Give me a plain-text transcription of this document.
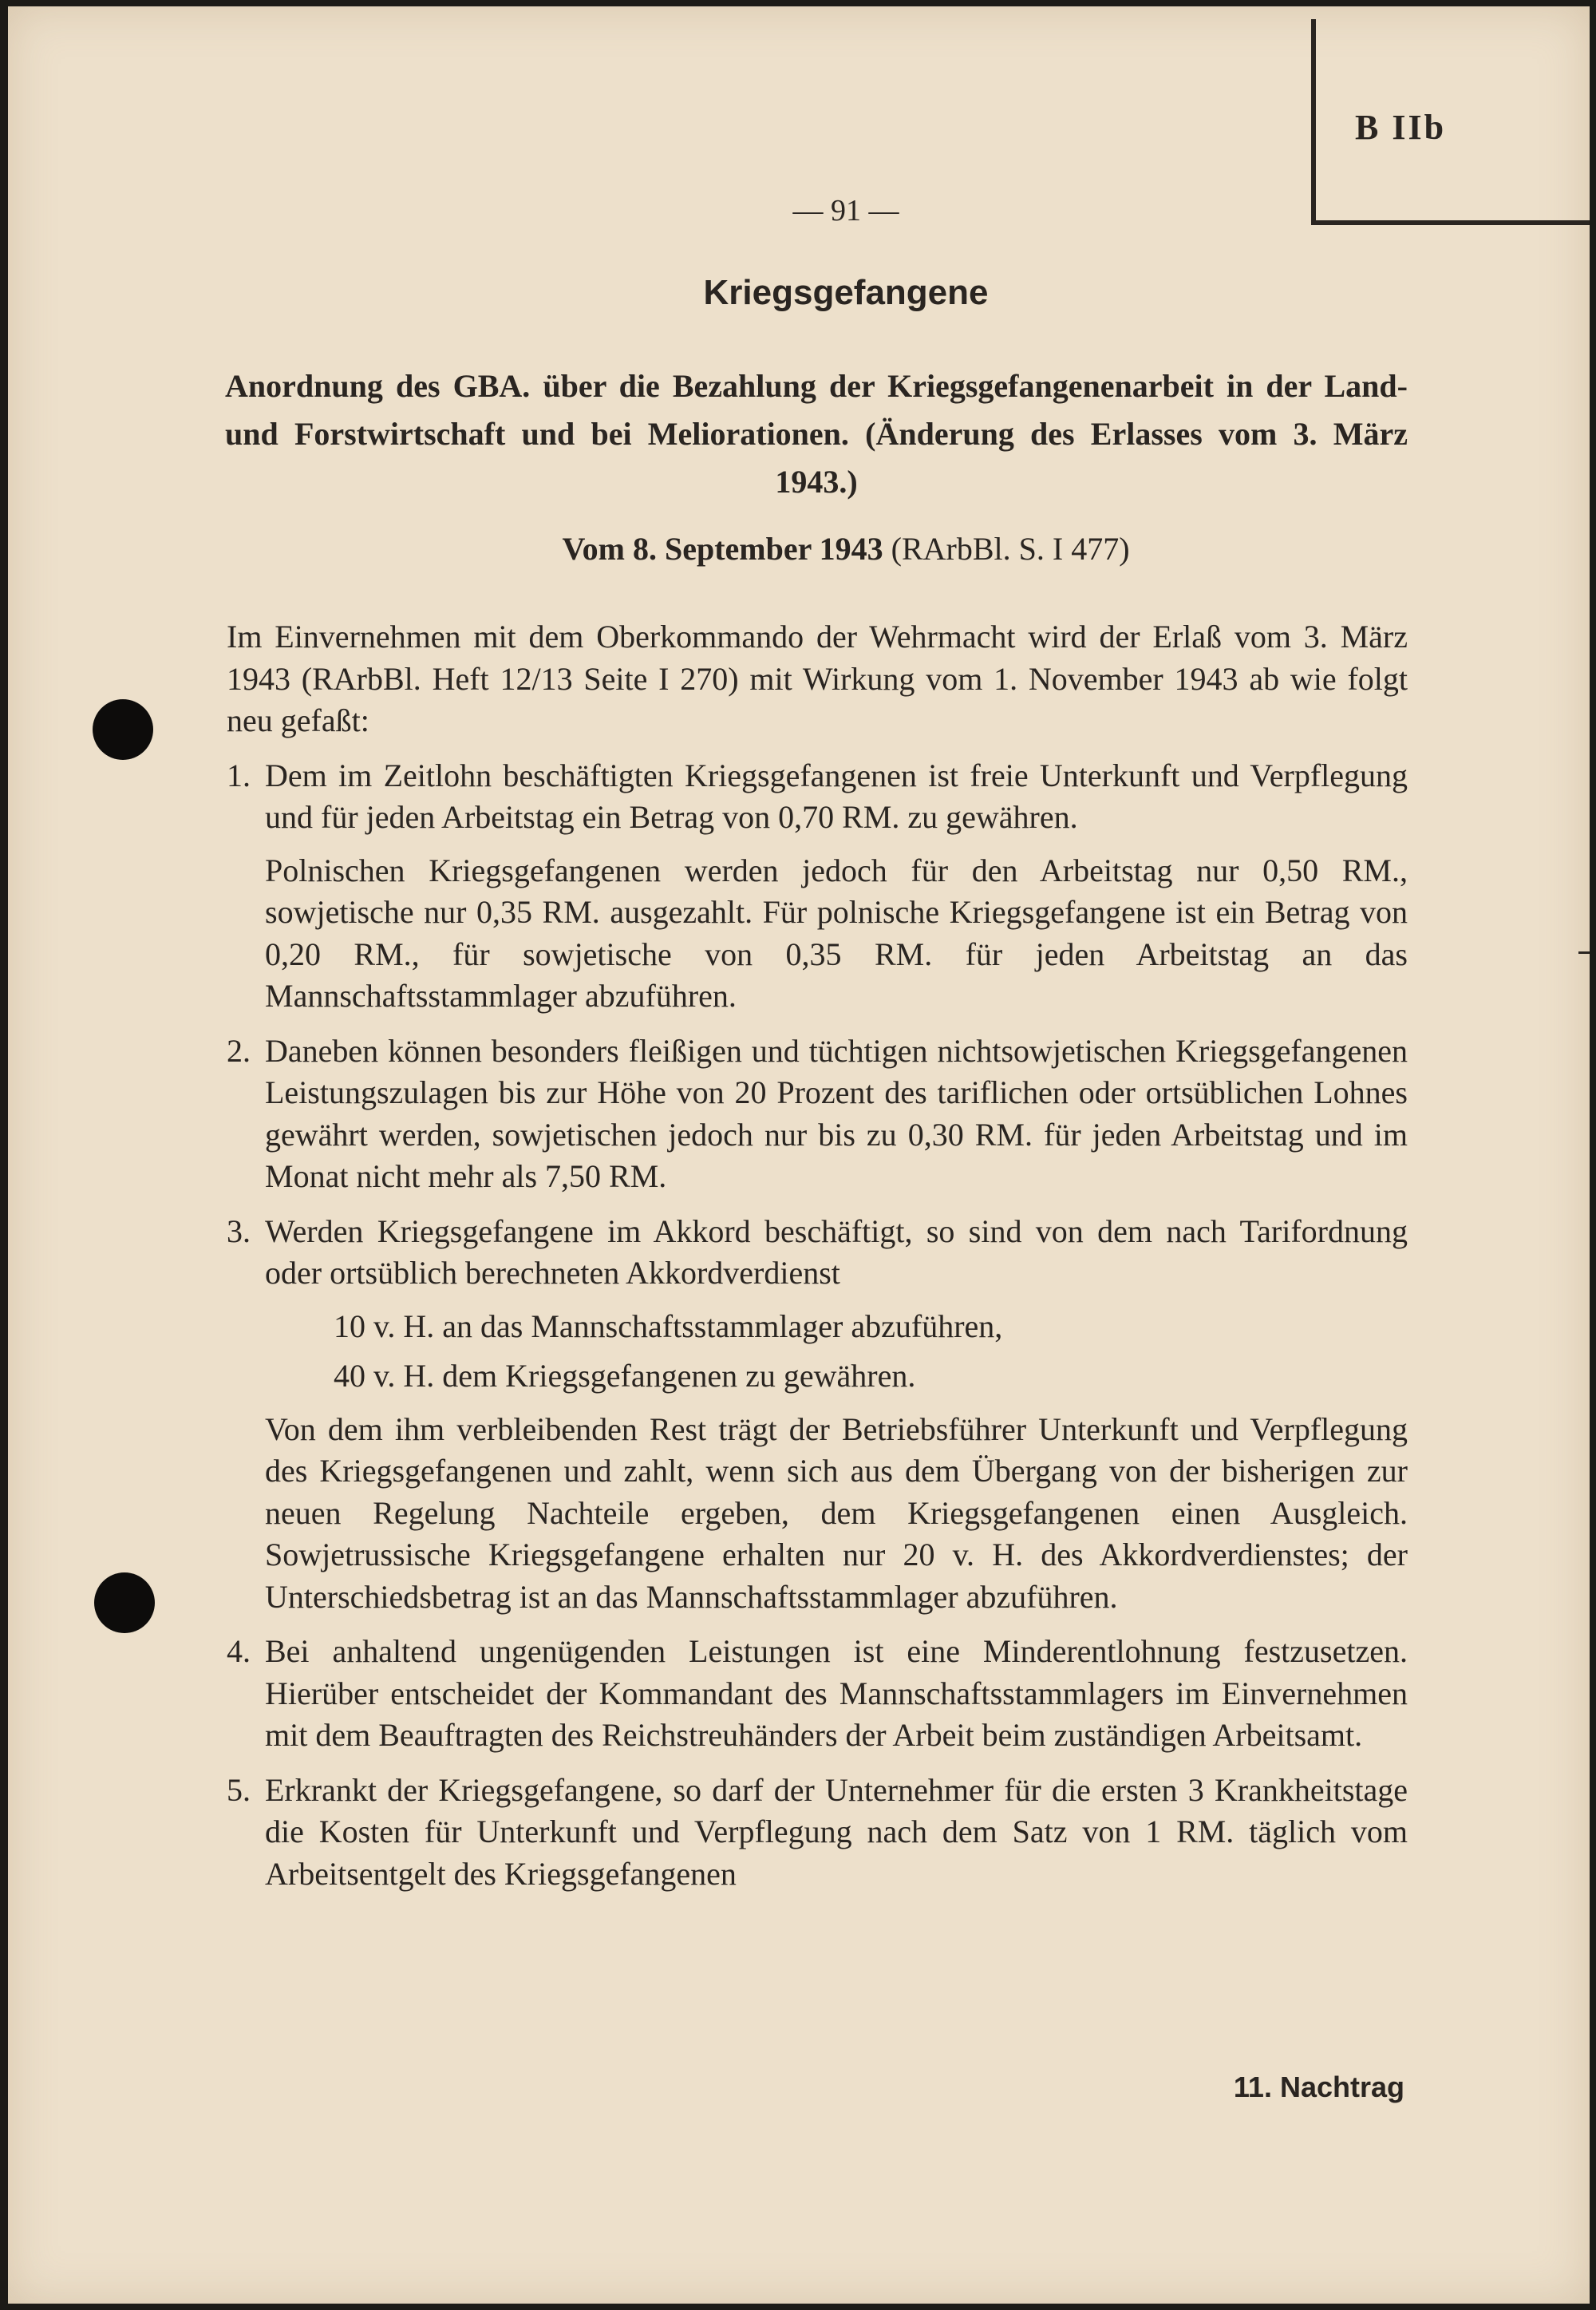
B IIb
— 91 —
Kriegsgefangene
Anordnung des GBA. über die Bezahlung der Kriegsgefangenenarbeit in der Land- und Forstwirtschaft und bei Meliorationen. (Änderung des Erlasses vom 3. März 1943.)
Vom 8. September 1943 (RArbBl. S. I 477)

Im Einvernehmen mit dem Oberkommando der Wehrmacht wird der Erlaß vom 3. März 1943 (RArbBl. Heft 12/13 Seite I 270) mit Wirkung vom 1. November 1943 ab wie folgt neu gefaßt:

1. Dem im Zeitlohn beschäftigten Kriegsgefangenen ist freie Unterkunft und Verpflegung und für jeden Arbeitstag ein Betrag von 0,70 RM. zu gewähren.

Polnischen Kriegsgefangenen werden jedoch für den Arbeitstag nur 0,50 RM., sowjetische nur 0,35 RM. ausgezahlt. Für polnische Kriegsgefangene ist ein Betrag von 0,20 RM., für sowjetische von 0,35 RM. für jeden Arbeitstag an das Mannschaftsstammlager abzuführen.

2. Daneben können besonders fleißigen und tüchtigen nichtsowjetischen Kriegsgefangenen Leistungszulagen bis zur Höhe von 20 Prozent des tariflichen oder ortsüblichen Lohnes gewährt werden, sowjetischen jedoch nur bis zu 0,30 RM. für jeden Arbeitstag und im Monat nicht mehr als 7,50 RM.

3. Werden Kriegsgefangene im Akkord beschäftigt, so sind von dem nach Tarifordnung oder ortsüblich berechneten Akkordverdienst

10 v. H. an das Mannschaftsstammlager abzuführen,

40 v. H. dem Kriegsgefangenen zu gewähren.

Von dem ihm verbleibenden Rest trägt der Betriebsführer Unterkunft und Verpflegung des Kriegsgefangenen und zahlt, wenn sich aus dem Übergang von der bisherigen zur neuen Regelung Nachteile ergeben, dem Kriegsgefangenen einen Ausgleich. Sowjetrussische Kriegsgefangene erhalten nur 20 v. H. des Akkordverdienstes; der Unterschiedsbetrag ist an das Mannschaftsstammlager abzuführen.

4. Bei anhaltend ungenügenden Leistungen ist eine Minderentlohnung festzusetzen. Hierüber entscheidet der Kommandant des Mannschaftsstammlagers im Einvernehmen mit dem Beauftragten des Reichstreuhänders der Arbeit beim zuständigen Arbeitsamt.

5. Erkrankt der Kriegsgefangene, so darf der Unternehmer für die ersten 3 Krankheitstage die Kosten für Unterkunft und Verpflegung nach dem Satz von 1 RM. täglich vom Arbeitsentgelt des Kriegsgefangenen

11. Nachtrag
